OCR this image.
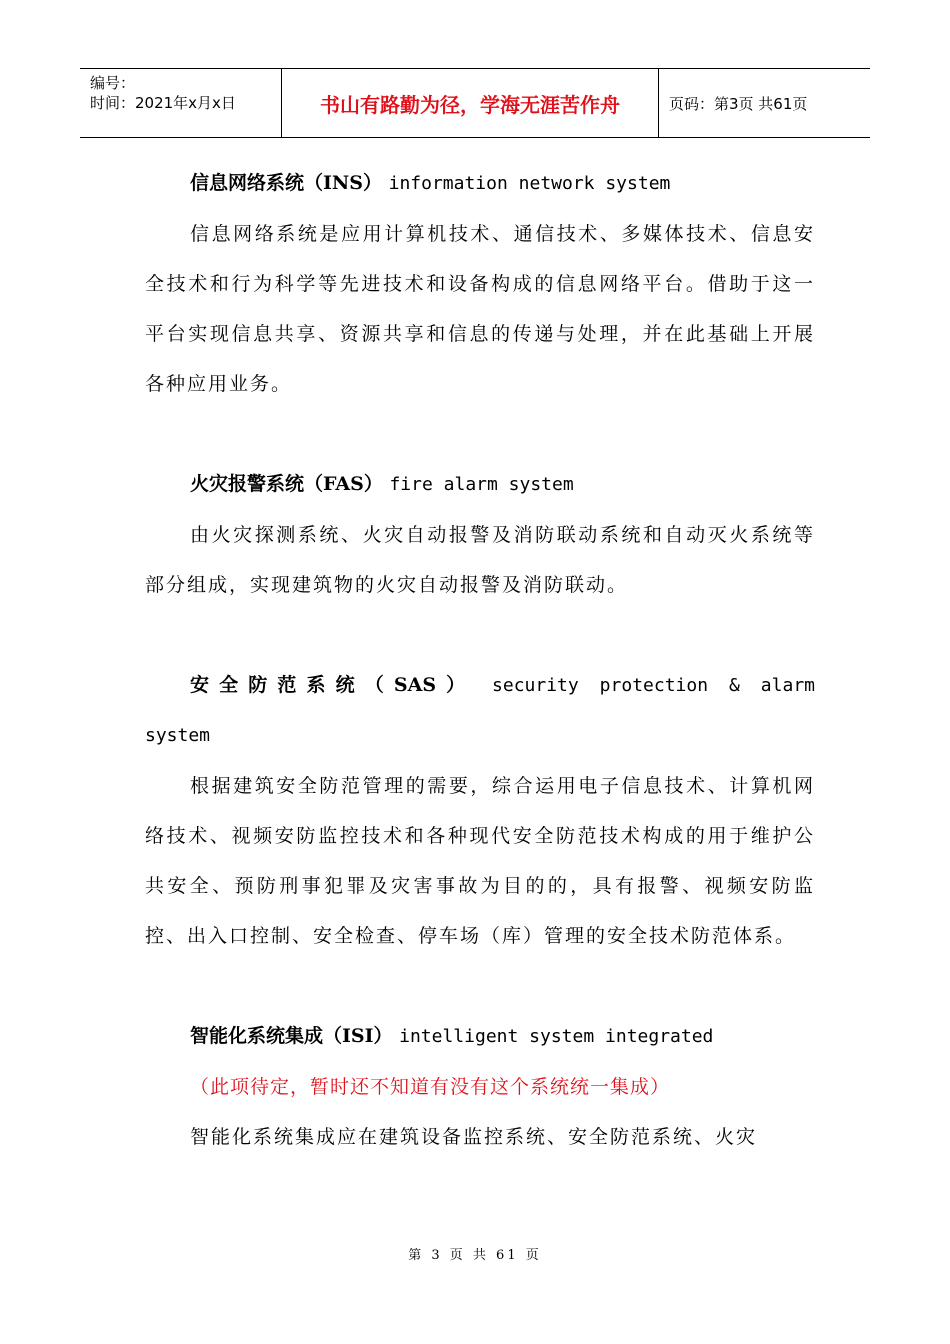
编号：
时间：2021年x月x日	书山有路勤为径，学海无涯苦作舟	页码：第3页 共61页

信息网络系统（INS） information network system

信息网络系统是应用计算机技术、通信技术、多媒体技术、信息安全技术和行为科学等先进技术和设备构成的信息网络平台。借助于这一平台实现信息共享、资源共享和信息的传递与处理，并在此基础上开展各种应用业务。

火灾报警系统（FAS） fire alarm system

由火灾探测系统、火灾自动报警及消防联动系统和自动灭火系统等部分组成，实现建筑物的火灾自动报警及消防联动。

安全防范系统（SAS） security protection & alarm

system

根据建筑安全防范管理的需要，综合运用电子信息技术、计算机网络技术、视频安防监控技术和各种现代安全防范技术构成的用于维护公共安全、预防刑事犯罪及灾害事故为目的的，具有报警、视频安防监控、出入口控制、安全检查、停车场（库）管理的安全技术防范体系。

智能化系统集成（ISI） intelligent system integrated

（此项待定，暂时还不知道有没有这个系统统一集成）

智能化系统集成应在建筑设备监控系统、安全防范系统、火灾

第 3 页 共 61 页
